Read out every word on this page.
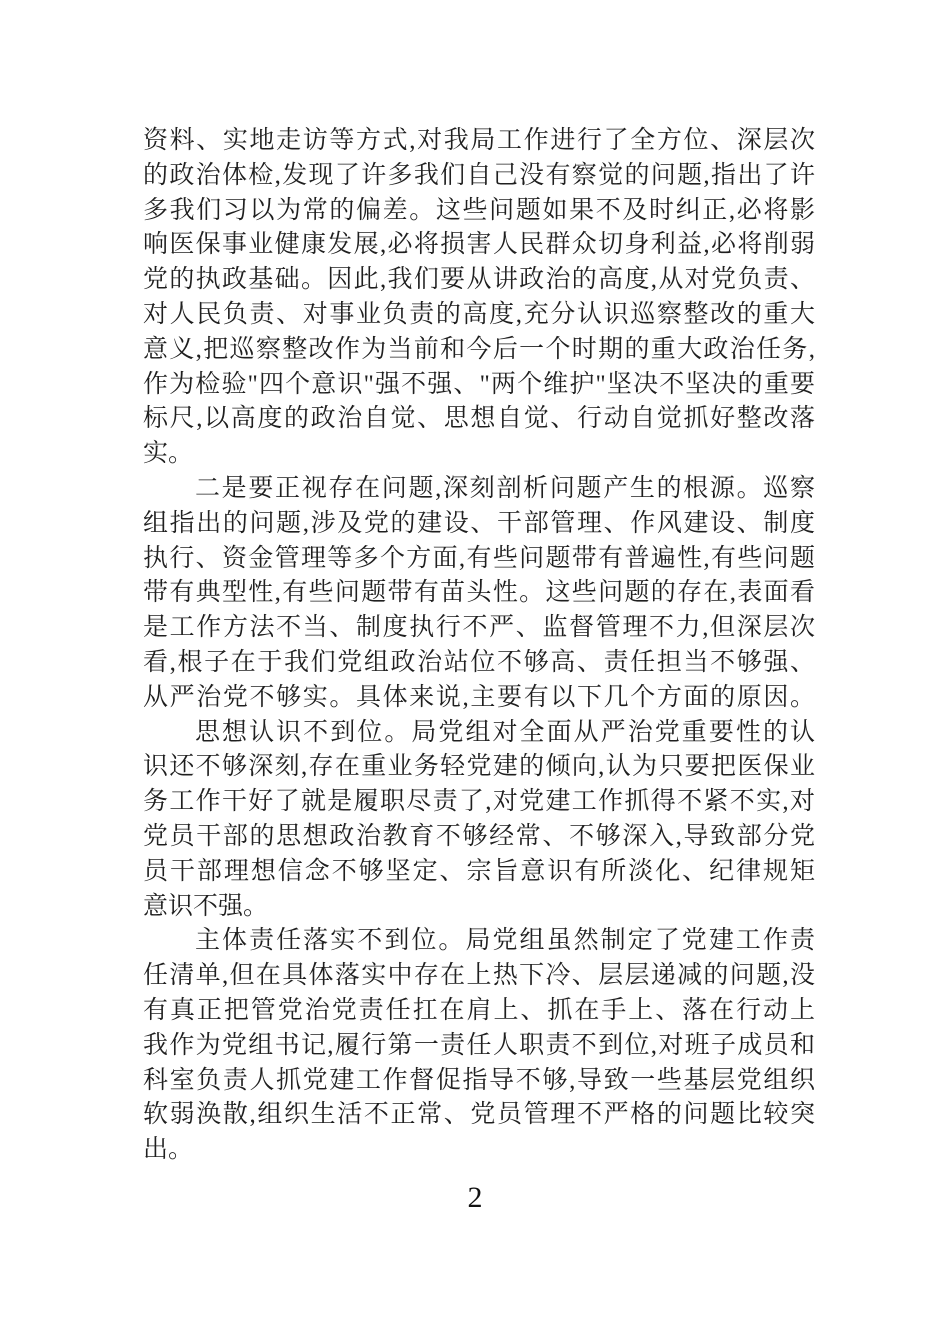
资料、实地走访等方式,对我局工作进行了全方位、深层次
的政治体检,发现了许多我们自己没有察觉的问题,指出了许
多我们习以为常的偏差。这些问题如果不及时纠正,必将影
响医保事业健康发展,必将损害人民群众切身利益,必将削弱
党的执政基础。因此,我们要从讲政治的高度,从对党负责、
对人民负责、对事业负责的高度,充分认识巡察整改的重大
意义,把巡察整改作为当前和今后一个时期的重大政治任务,
作为检验"四个意识"强不强、"两个维护"坚决不坚决的重要
标尺,以高度的政治自觉、思想自觉、行动自觉抓好整改落
实。
二是要正视存在问题,深刻剖析问题产生的根源。巡察
组指出的问题,涉及党的建设、干部管理、作风建设、制度
执行、资金管理等多个方面,有些问题带有普遍性,有些问题
带有典型性,有些问题带有苗头性。这些问题的存在,表面看
是工作方法不当、制度执行不严、监督管理不力,但深层次
看,根子在于我们党组政治站位不够高、责任担当不够强、
从严治党不够实。具体来说,主要有以下几个方面的原因。
思想认识不到位。局党组对全面从严治党重要性的认
识还不够深刻,存在重业务轻党建的倾向,认为只要把医保业
务工作干好了就是履职尽责了,对党建工作抓得不紧不实,对
党员干部的思想政治教育不够经常、不够深入,导致部分党
员干部理想信念不够坚定、宗旨意识有所淡化、纪律规矩
意识不强。
主体责任落实不到位。局党组虽然制定了党建工作责
任清单,但在具体落实中存在上热下冷、层层递减的问题,没
有真正把管党治党责任扛在肩上、抓在手上、落在行动上
我作为党组书记,履行第一责任人职责不到位,对班子成员和
科室负责人抓党建工作督促指导不够,导致一些基层党组织
软弱涣散,组织生活不正常、党员管理不严格的问题比较突
出。
2
